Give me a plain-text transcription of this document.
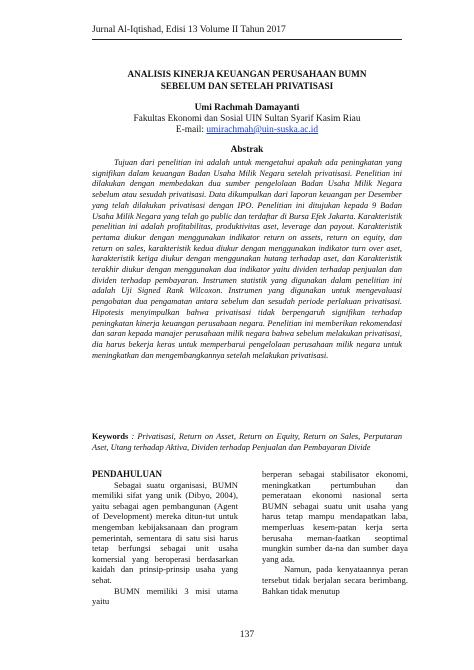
Jurnal Al-Iqtishad, Edisi 13 Volume II Tahun 2017
ANALISIS KINERJA KEUANGAN PERUSAHAAN BUMN
SEBELUM DAN SETELAH PRIVATISASI
Umi Rachmah Damayanti
Fakultas Ekonomi dan Sosial UIN Sultan Syarif Kasim Riau
E-mail: umirachmah@uin-suska.ac.id
Abstrak
Tujuan dari penelitian ini adalah untuk mengetahui apakah ada peningkatan yang signifikan dalam keuangan Badan Usaha Milik Negara setelah privatisasi. Penelitian ini dilakukan dengan membedakan dua sumber pengelolaan Badan Usaha Milik Negara sebelum atau sesudah privatisasi. Data dikumpulkan dari laporan keuangan per Desember yang telah dilakukan privatisasi dengan IPO. Penelitian ini ditujukan kepada 9 Badan Usaha Milik Negara yang telah go public dan terdaftar di Bursa Efek Jakarta. Karakteristik penelitian ini adalah profitabilitas, produktivitas aset, leverage dan payout. Karakteristik pertama diukur dengan menggunakan indikator return on assets, return on equity, dan return on sales, karakteristik kedua diukur dengan menggunakan indikator turn over aset, karakteristik ketiga diukur dengan menggunakan hutang terhadap aset, dan Karakteristik terakhir diukur dengan menggunakan dua indikator yaitu dividen terhadap penjualan dan dividen terhadap pembayaran. Instrumen statistik yang digunakan dalam penelitian ini adalah Uji Signed Rank Wilcoxon. Instrumen yang digunakan untuk mengevaluasi pengobatan dua pengamatan antara sebelum dan sesudah periode perlakuan privatisasi. Hipotesis menyimpulkan bahwa privatisasi tidak berpengaruh signifikan terhadap peningkatan kinerja keuangan perusahaan negara. Penelitian ini memberikan rekomendasi dan saran kepada manajer perusahaan milik negara bahwa sebelum melakukan privatisasi, dia harus bekerja keras untuk memperbarui pengelolaan perusahaan milik negara untuk meningkatkan dan mengembangkannya setelah melakukan privatisasi.
Keywords : Privatisasi, Return on Asset, Return on Equity, Return on Sales, Perputaran Aset, Utang terhadap Aktiva, Dividen terhadap Penjualan dan Pembayaran Divide
PENDAHULUAN

Sebagai suatu organisasi, BUMN memiliki sifat yang unik (Dibyo, 2004), yaitu sebagai agen pembangunan (Agent of Development) mereka ditun-tut untuk mengemban kebijaksanaan dan program pemerintah, sementara di satu sisi harus tetap berfungsi sebagai unit usaha komersial yang beroperasi berdasarkan kaidah dan prinsip-prinsip usaha yang sehat.

BUMN memiliki 3 misi utama yaitu

berperan sebagai stabilisator ekonomi, meningkatkan pertumbuhan dan pemerataan ekonomi nasional serta BUMN sebagai suatu unit usaha yang harus tetap mampu mendapatkan laba, memperluas kesem-patan kerja serta berusaha meman-faatkan seoptimal mungkin sumber da-na dan sumber daya yang ada.

Namun, pada kenyataannya peran tersebut tidak berjalan secara berimbang. Bahkan tidak menutup

137
